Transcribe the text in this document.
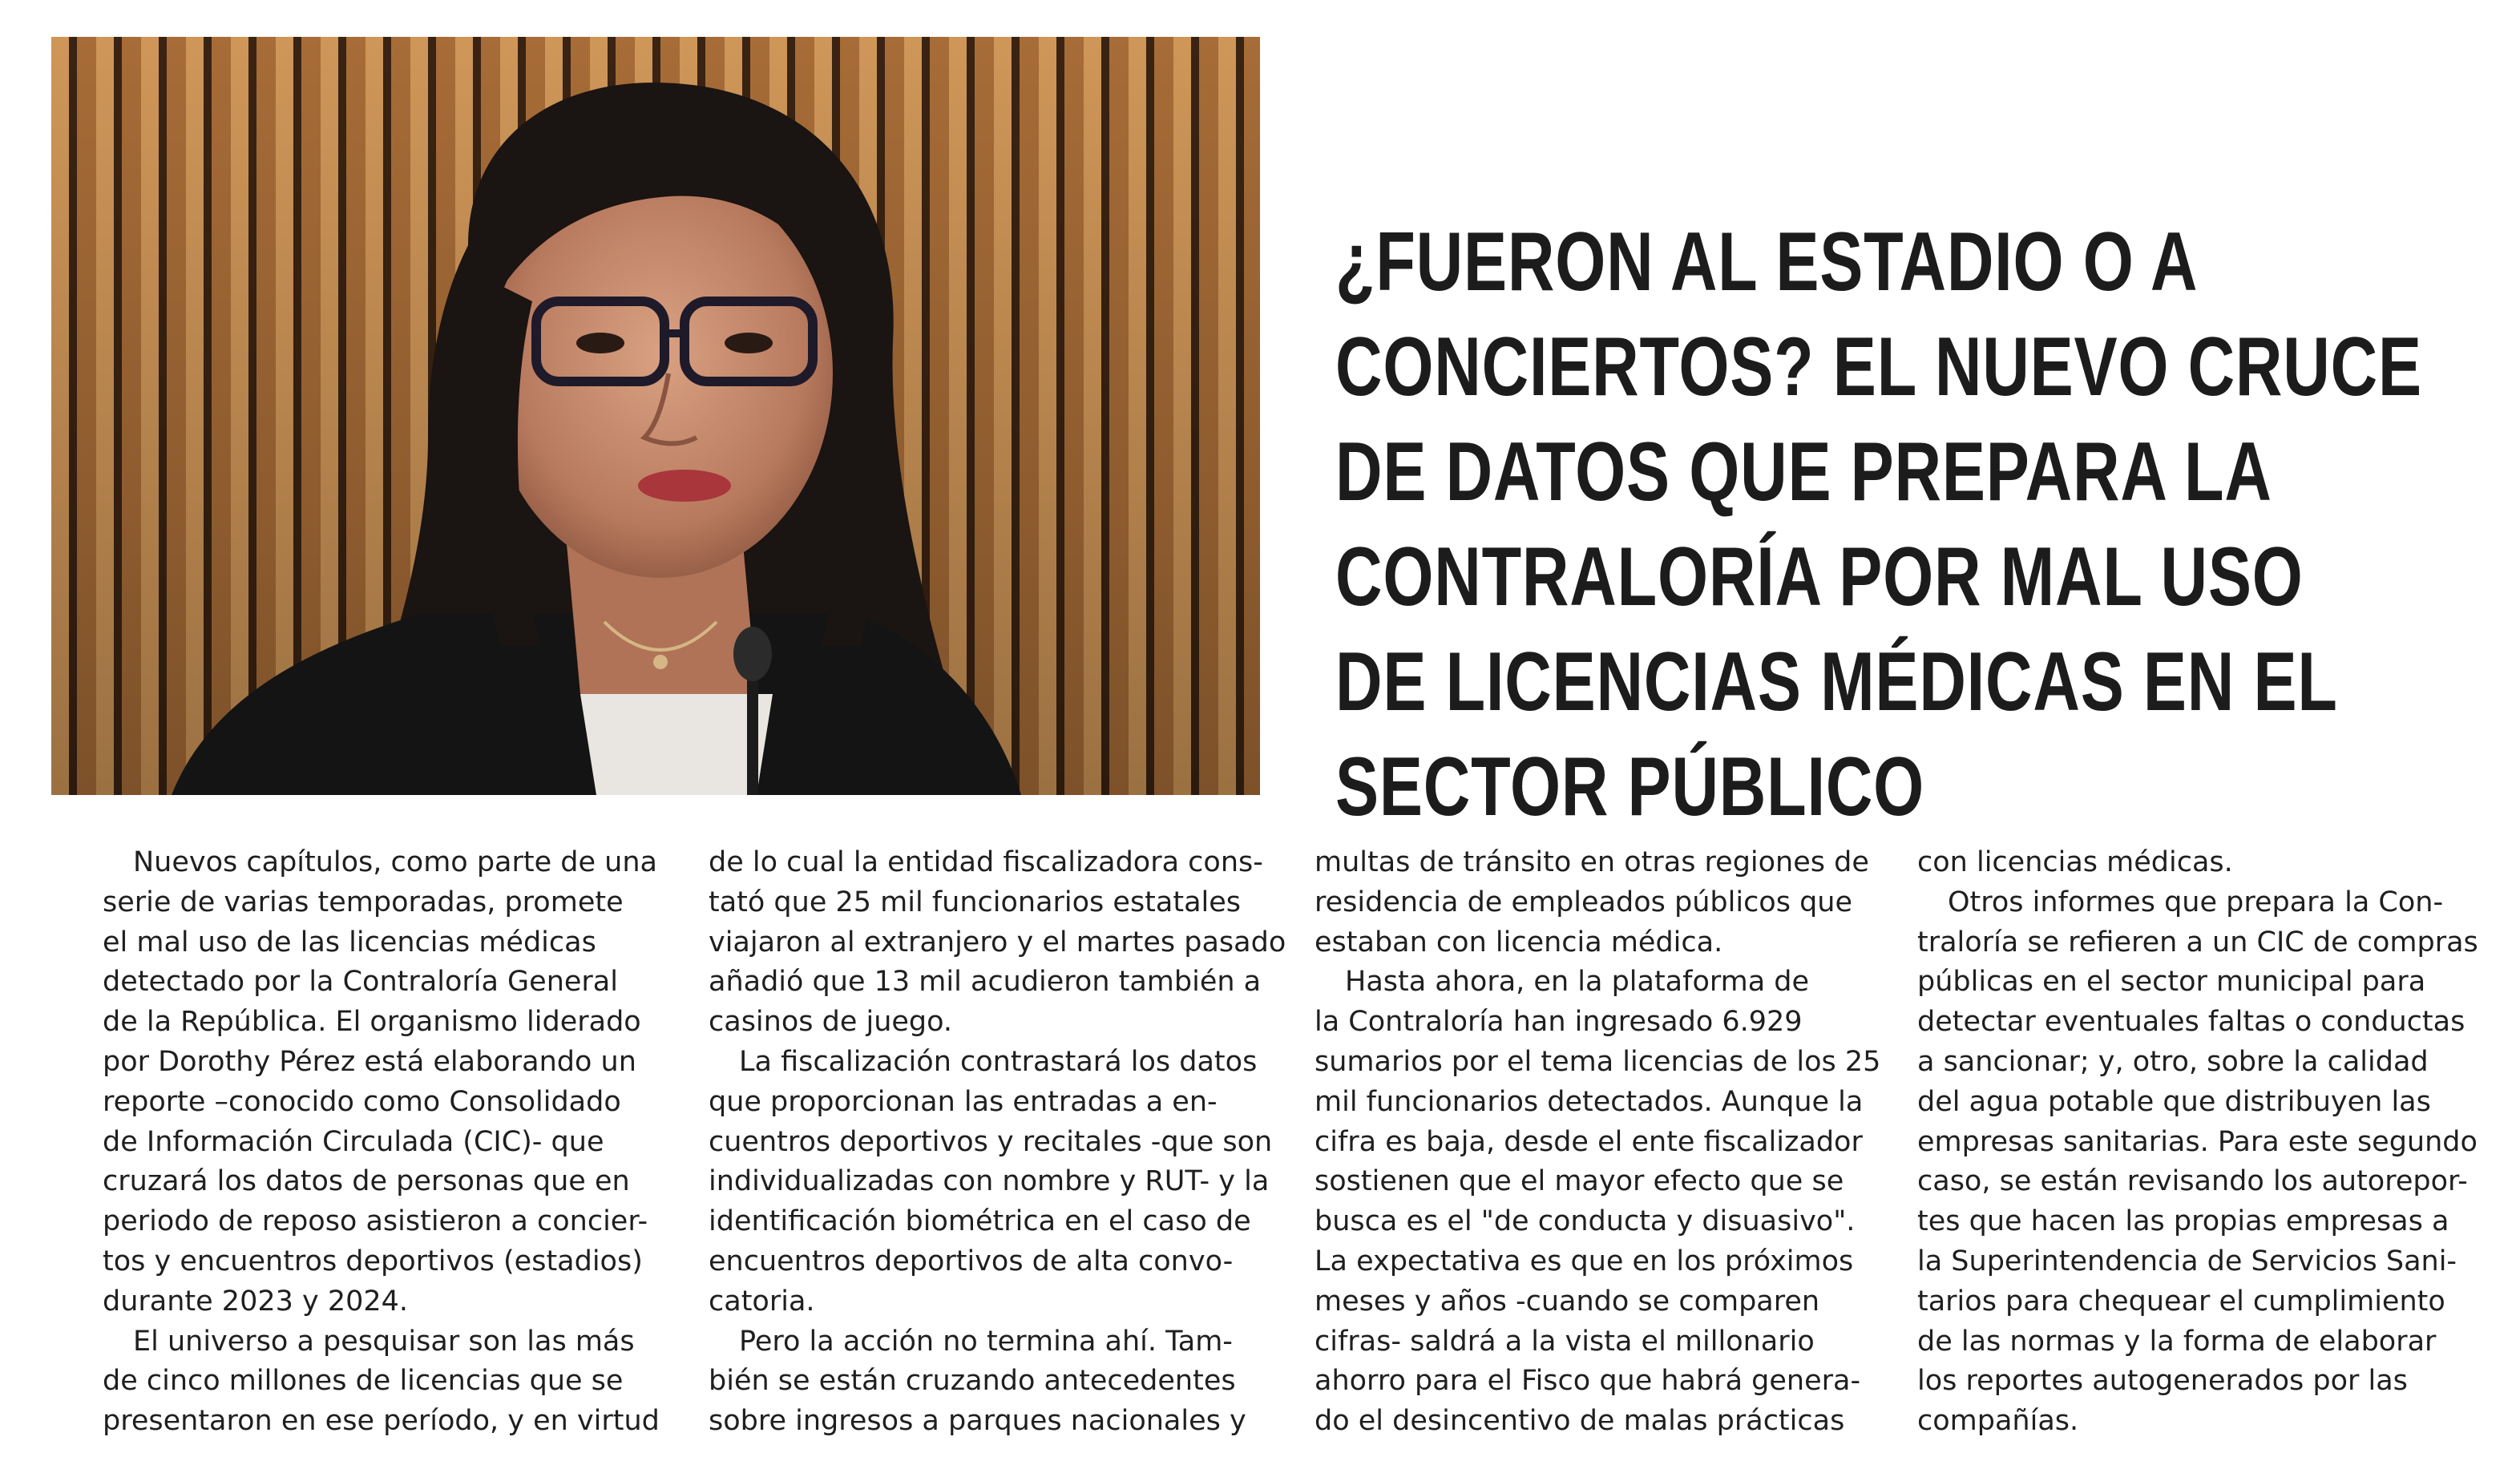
¿FUERON AL ESTADIO O A
CONCIERTOS? EL NUEVO CRUCE
DE DATOS QUE PREPARA LA
CONTRALORÍA POR MAL USO
DE LICENCIAS MÉDICAS EN EL
SECTOR PÚBLICO
Nuevos capítulos, como parte de una
serie de varias temporadas, promete
el mal uso de las licencias médicas
detectado por la Contraloría General
de la República. El organismo liderado
por Dorothy Pérez está elaborando un
reporte –conocido como Consolidado
de Información Circulada (CIC)- que
cruzará los datos de personas que en
periodo de reposo asistieron a concier-
tos y encuentros deportivos (estadios)
durante 2023 y 2024.
El universo a pesquisar son las más
de cinco millones de licencias que se
presentaron en ese período, y en virtud
de lo cual la entidad fiscalizadora cons-
tató que 25 mil funcionarios estatales
viajaron al extranjero y el martes pasado
añadió que 13 mil acudieron también a
casinos de juego.
La fiscalización contrastará los datos
que proporcionan las entradas a en-
cuentros deportivos y recitales -que son
individualizadas con nombre y RUT- y la
identificación biométrica en el caso de
encuentros deportivos de alta convo-
catoria.
Pero la acción no termina ahí. Tam-
bién se están cruzando antecedentes
sobre ingresos a parques nacionales y
multas de tránsito en otras regiones de
residencia de empleados públicos que
estaban con licencia médica.
Hasta ahora, en la plataforma de
la Contraloría han ingresado 6.929
sumarios por el tema licencias de los 25
mil funcionarios detectados. Aunque la
cifra es baja, desde el ente fiscalizador
sostienen que el mayor efecto que se
busca es el "de conducta y disuasivo".
La expectativa es que en los próximos
meses y años -cuando se comparen
cifras- saldrá a la vista el millonario
ahorro para el Fisco que habrá genera-
do el desincentivo de malas prácticas
con licencias médicas.
Otros informes que prepara la Con-
traloría se refieren a un CIC de compras
públicas en el sector municipal para
detectar eventuales faltas o conductas
a sancionar; y, otro, sobre la calidad
del agua potable que distribuyen las
empresas sanitarias. Para este segundo
caso, se están revisando los autorepor-
tes que hacen las propias empresas a
la Superintendencia de Servicios Sani-
tarios para chequear el cumplimiento
de las normas y la forma de elaborar
los reportes autogenerados por las
compañías.
